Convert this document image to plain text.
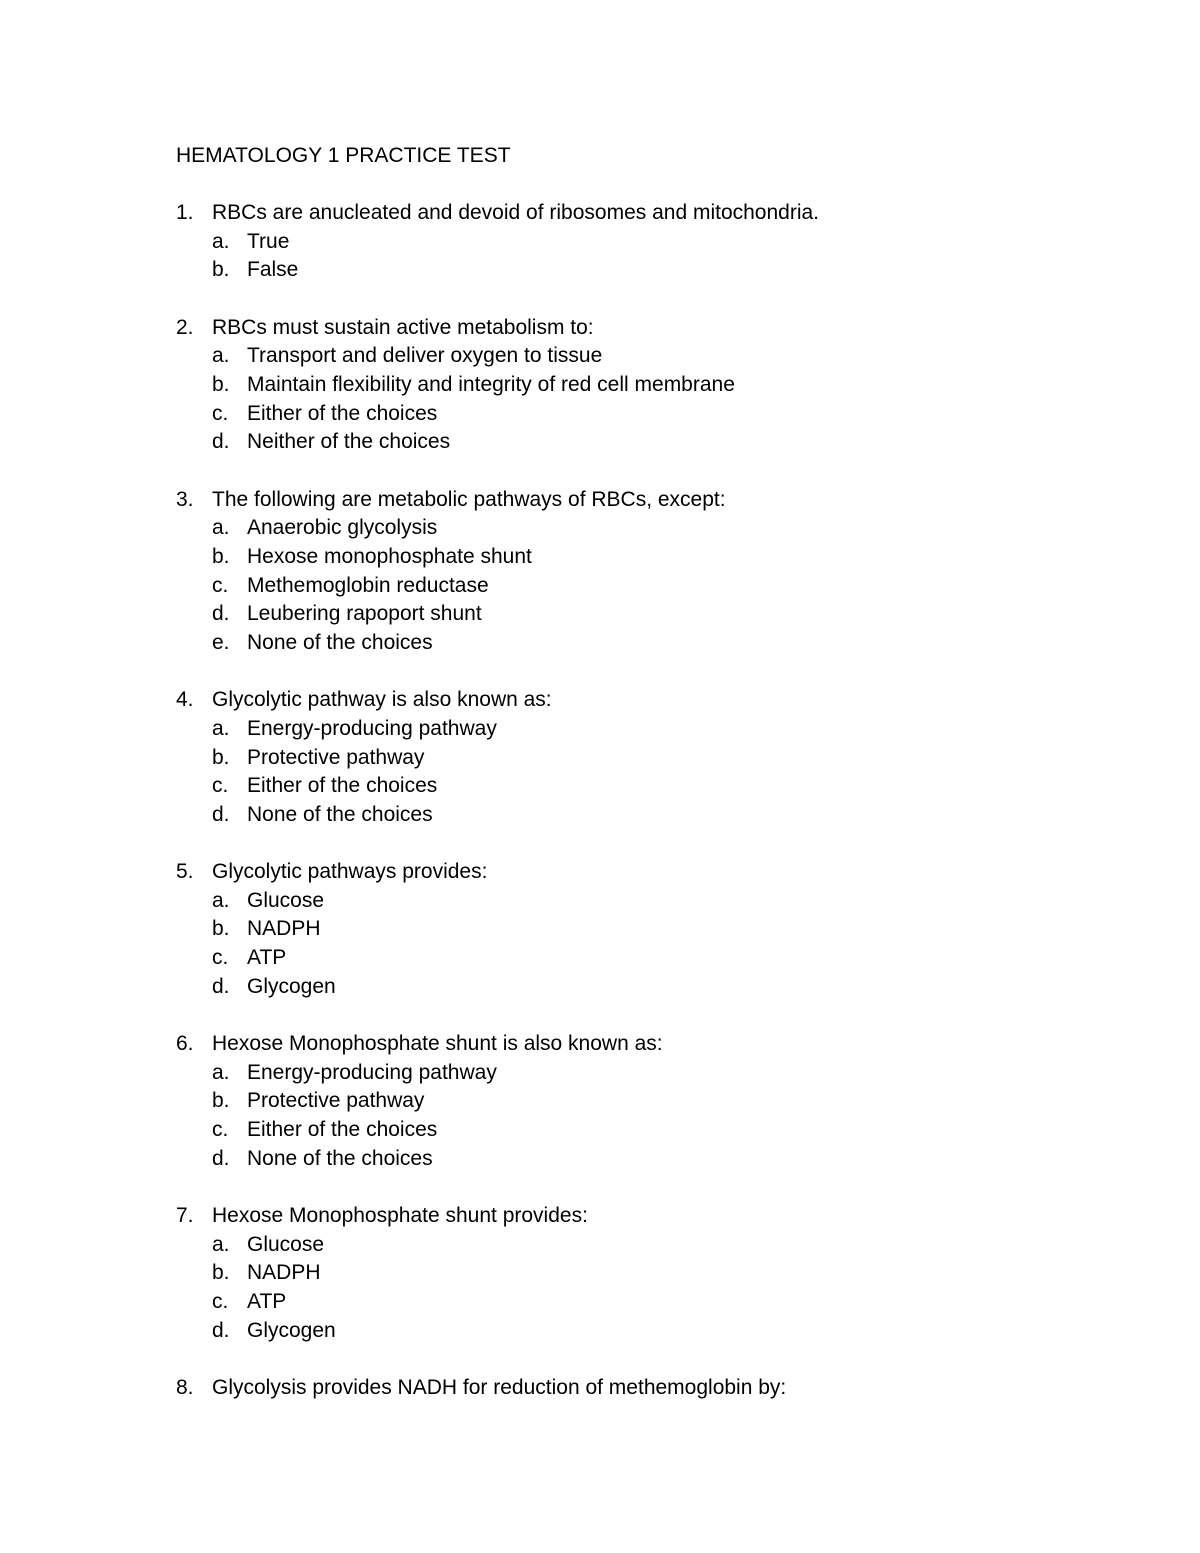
HEMATOLOGY 1 PRACTICE TEST
1. RBCs are anucleated and devoid of ribosomes and mitochondria.
a. True
b. False
2. RBCs must sustain active metabolism to:
a. Transport and deliver oxygen to tissue
b. Maintain flexibility and integrity of red cell membrane
c. Either of the choices
d. Neither of the choices
3. The following are metabolic pathways of RBCs, except:
a. Anaerobic glycolysis
b. Hexose monophosphate shunt
c. Methemoglobin reductase
d. Leubering rapoport shunt
e. None of the choices
4. Glycolytic pathway is also known as:
a. Energy-producing pathway
b. Protective pathway
c. Either of the choices
d. None of the choices
5. Glycolytic pathways provides:
a. Glucose
b. NADPH
c. ATP
d. Glycogen
6. Hexose Monophosphate shunt is also known as:
a. Energy-producing pathway
b. Protective pathway
c. Either of the choices
d. None of the choices
7. Hexose Monophosphate shunt provides:
a. Glucose
b. NADPH
c. ATP
d. Glycogen
8. Glycolysis provides NADH for reduction of methemoglobin by:
